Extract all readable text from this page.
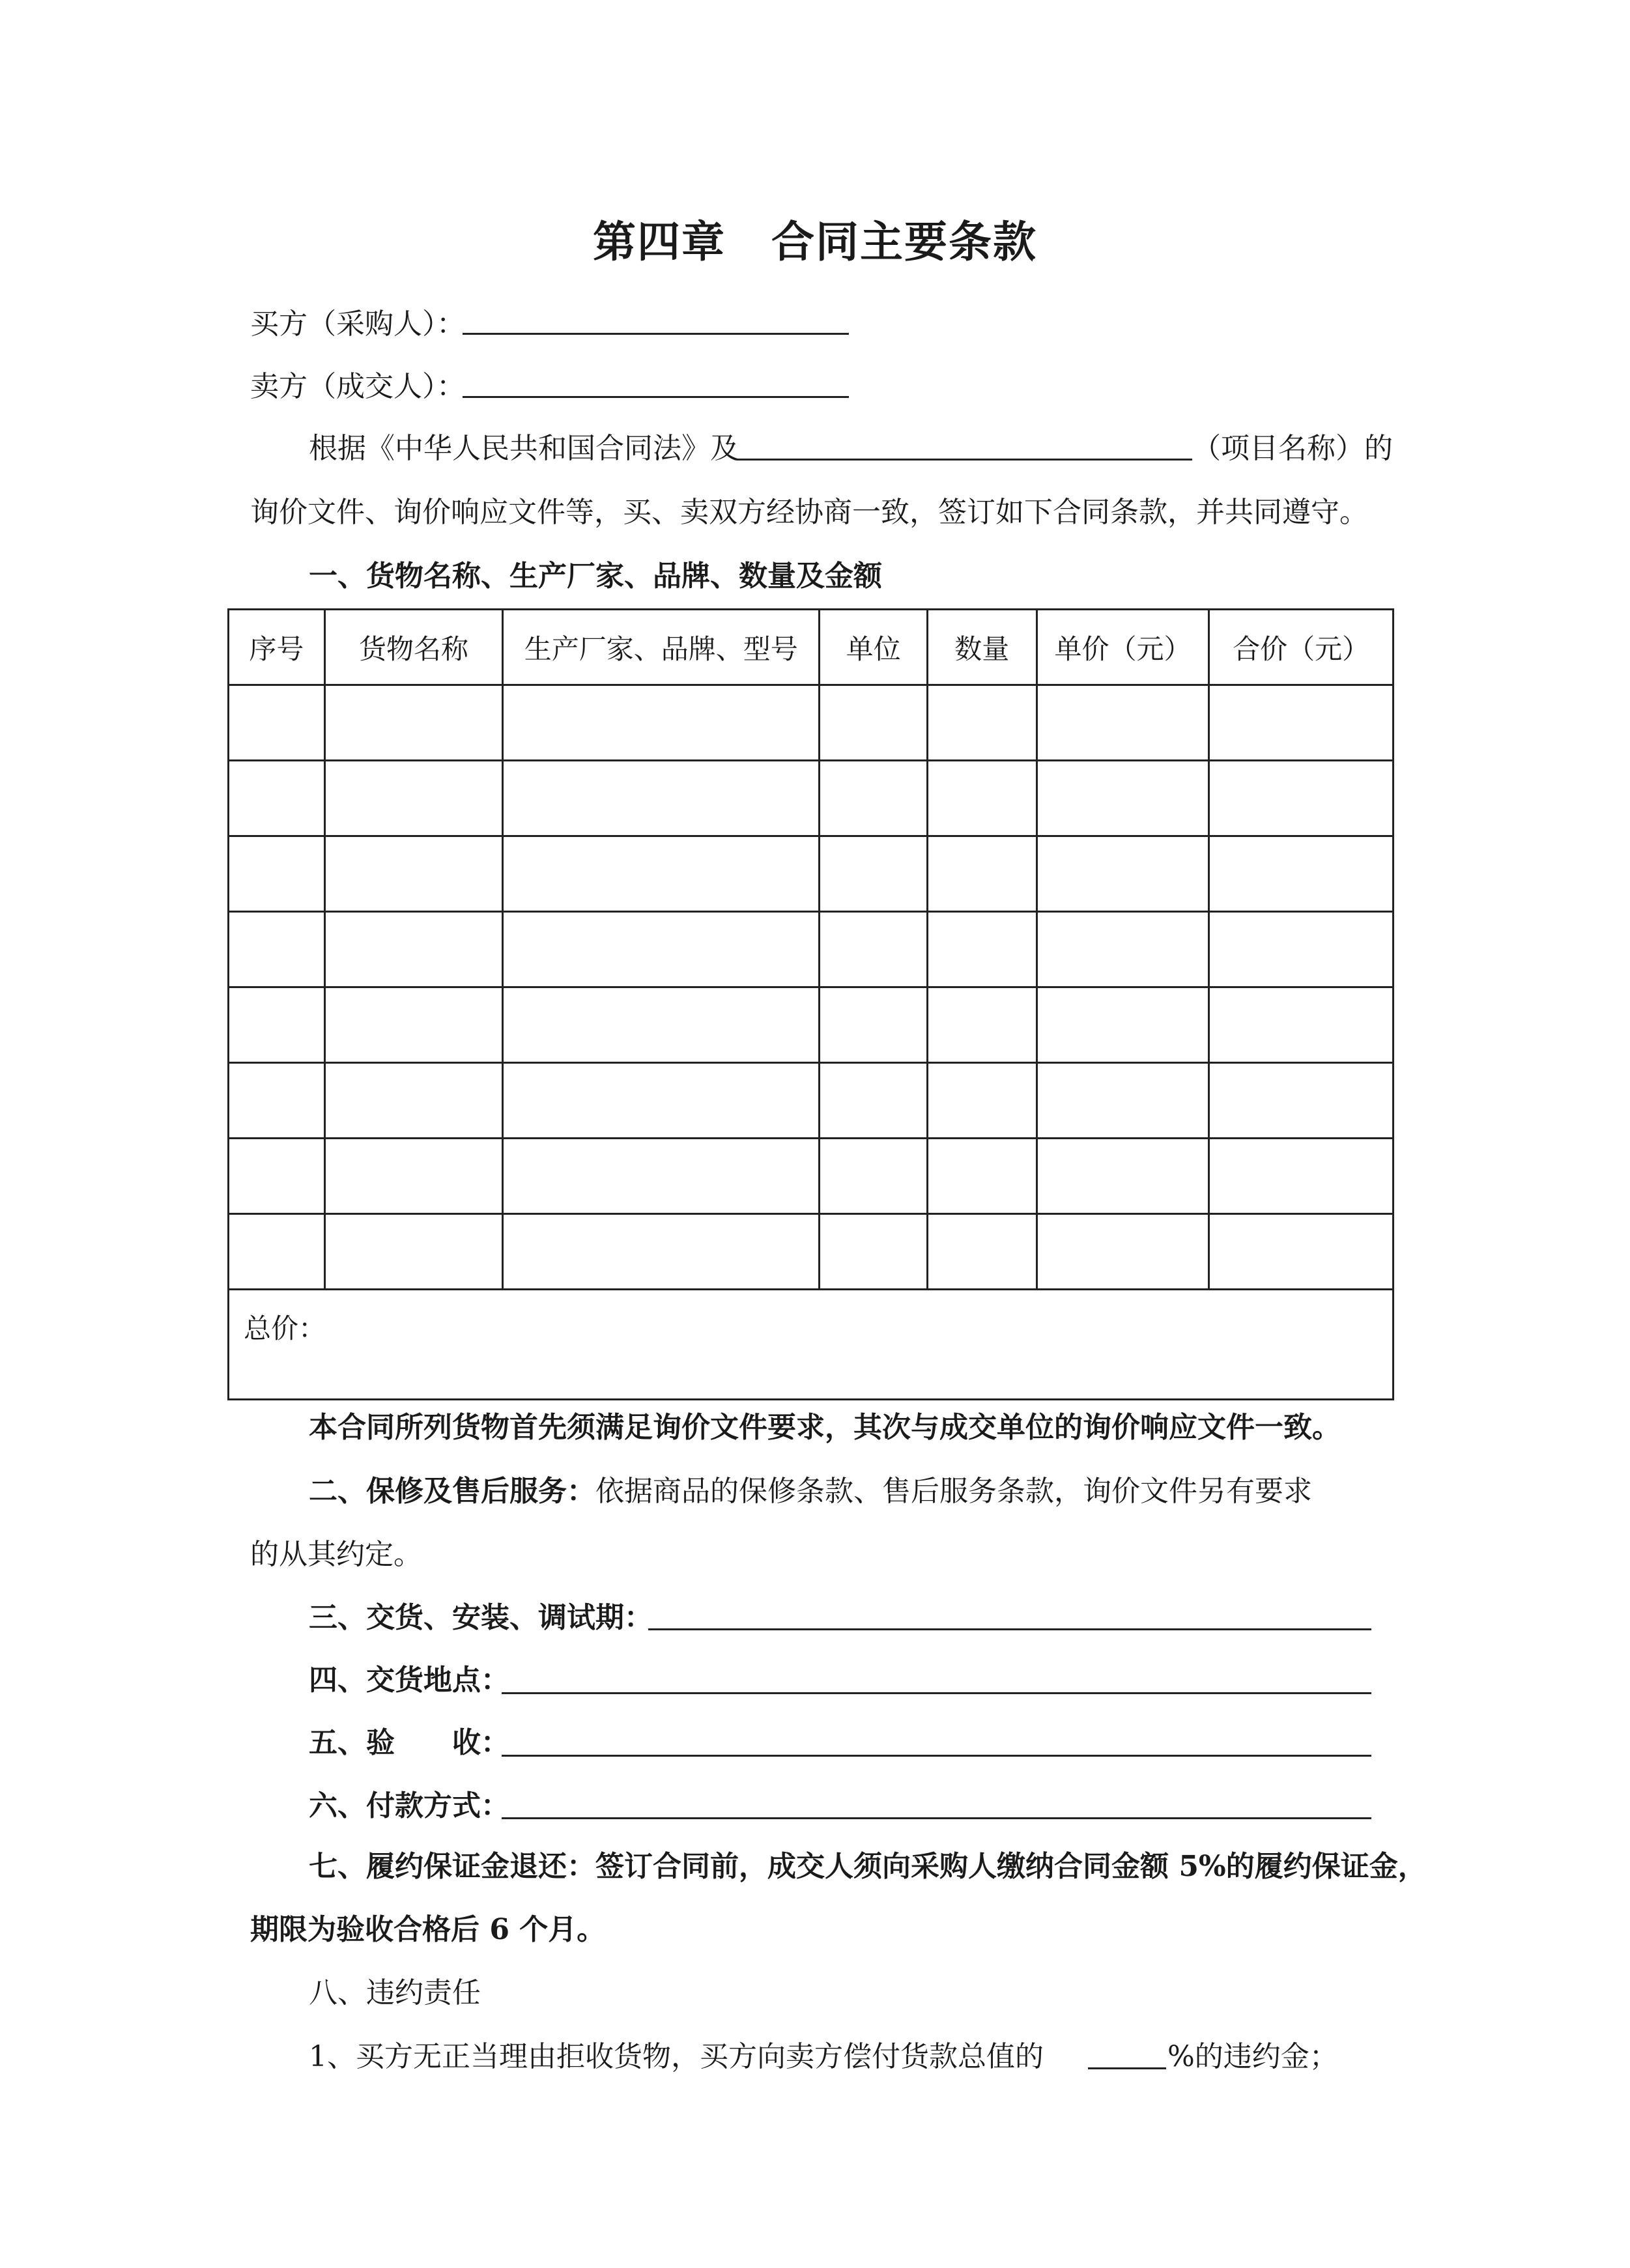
第四章 合同主要条款
买方（采购人）：
卖方（成交人）：
根据《中华人民共和国合同法》及	（项目名称）的
询价文件、询价响应文件等，买、卖双方经协商一致，签订如下合同条款，并共同遵守。
一、货物名称、生产厂家、品牌、数量及金额
序号	货物名称	生产厂家、品牌、型号	单位	数量	单价（元）	合价（元）

总价：						
本合同所列货物首先须满足询价文件要求，其次与成交单位的询价响应文件一致。
二、保修及售后服务：依据商品的保修条款、售后服务条款，询价文件另有要求
的从其约定。
三、交货、安装、调试期：
四、交货地点：
五、验　　收：
六、付款方式：
七、履约保证金退还：签订合同前，成交人须向采购人缴纳合同金额 5%的履约保证金，
期限为验收合格后 6 个月。
八、违约责任
1、买方无正当理由拒收货物，买方向卖方偿付货款总值的	%的违约金；
